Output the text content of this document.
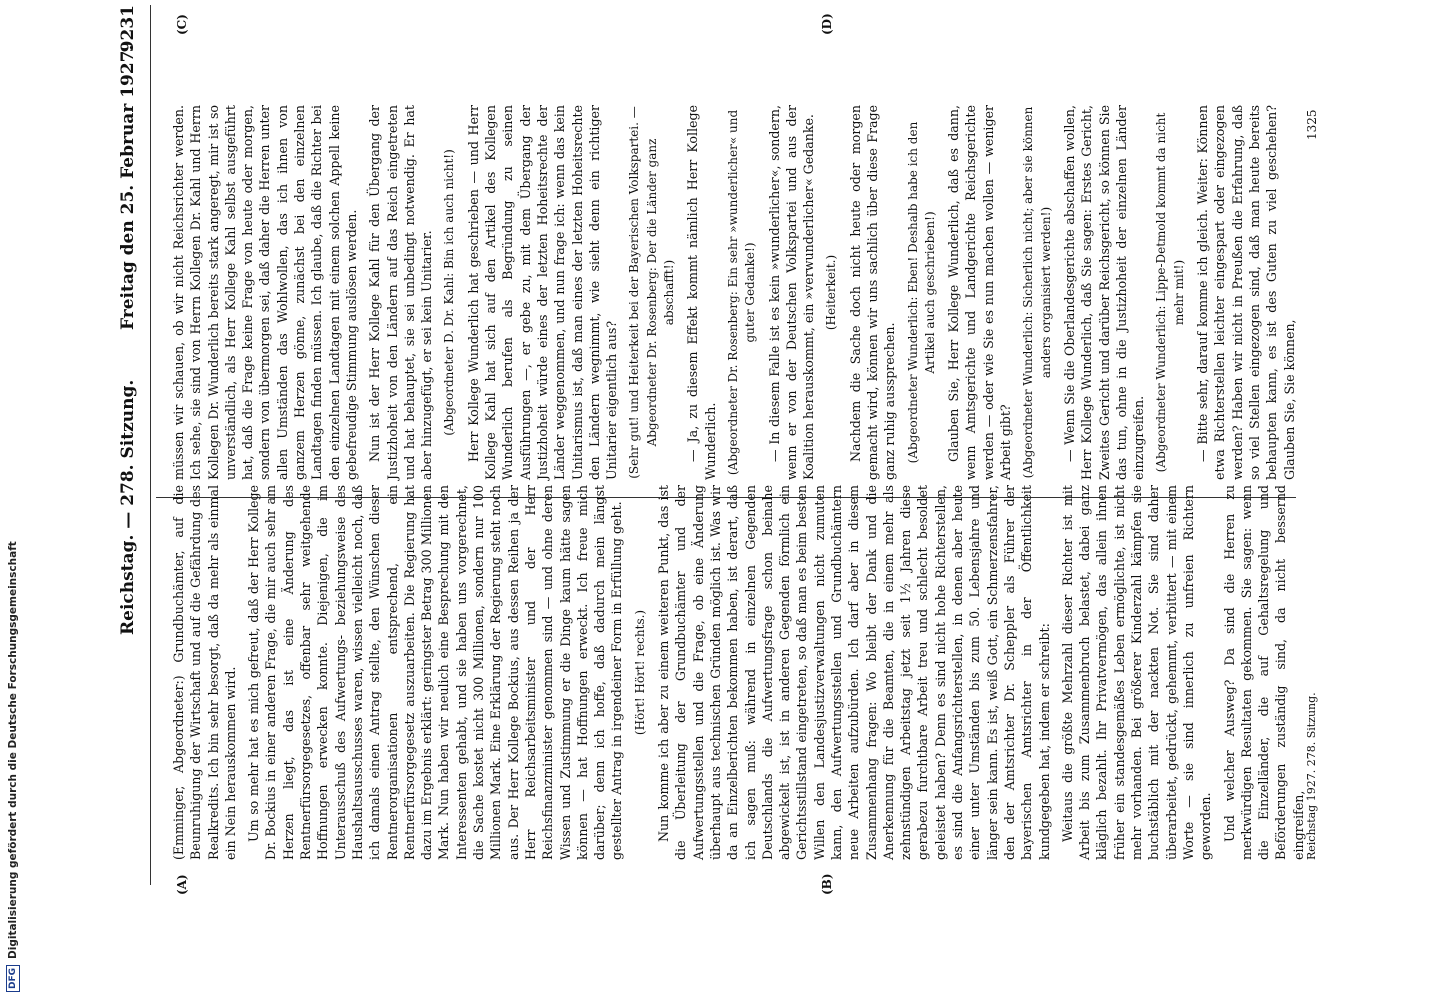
DFG
Digitalisierung gefördert durch die Deutsche Forschungsgemeinschaft
Reichstag. — 278. Sitzung.
Freitag den 25. Februar 1927.
9231
(A)	(B)
(C)	(D)

(Emminger, Abgeordneter:) Grundbuchämter, auf die Beunruhigung der Wirtschaft und auf die Gefährdung des Realkredits. Ich bin sehr besorgt, daß da mehr als einmal ein Nein herauskommen wird. Um so mehr hat es mich gefreut, daß der Herr Kollege Dr. Bockius in einer anderen Frage, die mir auch sehr am Herzen liegt, das ist eine Änderung des Rentnerfürsorgegesetzes, offenbar sehr weitgehende Hoffnungen erwecken konnte. Diejenigen, die im Unterausschuß des Aufwertungs- beziehungsweise des Haushaltsausschusses waren, wissen vielleicht noch, daß ich damals einen Antrag stellte, den Wünschen dieser Rentnerorganisationen entsprechend, ein Rentnerfürsorgegesetz auszuarbeiten. Die Regierung hat dazu im Ergebnis erklärt: geringster Betrag 300 Millionen Mark. Nun haben wir neulich eine Besprechung mit den Interessenten gehabt, und sie haben uns vorgerechnet, die Sache kostet nicht 300 Millionen, sondern nur 100 Millionen Mark. Eine Erklärung der Regierung steht noch aus. Der Herr Kollege Bockius, aus dessen Reihen ja der Herr Reichsarbeitsminister und der Herr Reichsfinanzminister genommen sind — und ohne deren Wissen und Zustimmung er die Dinge kaum hätte sagen können — hat Hoffnungen erweckt. Ich freue mich darüber; denn ich hoffe, daß dadurch mein längst gestellter Antrag in irgendeiner Form in Erfüllung geht. (Hört! Hört! rechts.) Nun komme ich aber zu einem weiteren Punkt, das ist die Überleitung der Grundbuchämter und der Aufwertungsstellen und die Frage, ob eine Änderung überhaupt aus technischen Gründen möglich ist. Was wir da an Einzelberichten bekommen haben, ist derart, daß ich sagen muß: während in einzelnen Gegenden Deutschlands die Aufwertungsfrage schon beinahe abgewickelt ist, ist in anderen Gegenden förmlich ein Gerichtsstillstand eingetreten, so daß man es beim besten Willen den Landesjustizverwaltungen nicht zumuten kann, den Aufwertungsstellen und Grundbuchämtern neue Arbeiten aufzubürden. Ich darf aber in diesem Zusammenhang fragen: Wo bleibt der Dank und die Anerkennung für die Beamten, die in einem mehr als zehnstündigen Arbeitstag jetzt seit 1½ Jahren diese gerabezu furchtbare Arbeit treu und schlecht besoldet geleistet haben? Denn es sind nicht hohe Richterstellen, es sind die Anfangsrichterstellen, in denen aber heute einer unter Umständen bis zum 50. Lebensjahre und länger sein kann. Es ist, weiß Gott, ein Schmerzensfahrer, den der Amtsrichter Dr. Scheppler als Führer der bayerischen Amtsrichter in der Öffentlichkeit kundgegeben hat, indem er schreibt: Weitaus die größte Mehrzahl dieser Richter ist mit Arbeit bis zum Zusammenbruch belastet, dabei ganz kläglich bezahlt. Ihr Privatvermögen, das allein ihnen früher ein standesgemäßes Leben ermöglichte, ist nicht mehr vorhanden. Bei größerer Kinderzahl kämpfen sie buchstäblich mit der nackten Not. Sie sind daher überarbeitet, gedrückt, gehemmt, verbittert — mit einem Worte — sie sind innerlich zu unfreien Richtern geworden. Und welcher Ausweg? Da sind die Herren zu merkwürdigen Resultaten gekommen. Sie sagen: wenn die Einzelländer, die auf Gehaltsregelung und Beförderungen zuständig sind, da nicht bessernd eingreifen,

müssen wir schauen, ob wir nicht Reichsrichter werden. Ich sehe, sie sind von Herrn Kollegen Dr. Kahl und Herrn Kollegen Dr. Wunderlich bereits stark angeregt, mir ist so unverständlich, als Herr Kollege Kahl selbst ausgeführt hat, daß die Frage keine Frage von heute oder morgen, sondern von übermorgen sei, daß daher die Herren unter allen Umständen das Wohlwollen, das ich ihnen von ganzem Herzen gönne, zunächst bei den einzelnen Landtagen finden müssen. Ich glaube, daß die Richter bei den einzelnen Landtagen mit einem solchen Appell keine gebefreudige Stimmung auslösen werden. Nun ist der Herr Kollege Kahl für den Übergang der Justizhoheit von den Ländern auf das Reich eingetreten und hat behauptet, sie sei unbedingt notwendig. Er hat aber hinzugefügt, er sei kein Unitarier. (Abgeordneter D. Dr. Kahl: Bin ich auch nicht!) Herr Kollege Wunderlich hat geschrieben — und Herr Kollege Kahl hat sich auf den Artikel des Kollegen Wunderlich berufen als Begründung zu seinen Ausführungen —, er gebe zu, mit dem Übergang der Justizhoheit würde eines der letzten Hoheitsrechte der Länder weggenommen, und nun frage ich: wenn das kein Unitarismus ist, daß man eines der letzten Hoheitsrechte den Ländern wegnimmt, wie sieht denn ein richtiger Unitarier eigentlich aus? (Sehr gut! und Heiterkeit bei der Bayerischen Volkspartei. — Abgeordneter Dr. Rosenberg: Der die Länder ganz abschafft!) — Ja, zu diesem Effekt kommt nämlich Herr Kollege Wunderlich. (Abgeordneter Dr. Rosenberg: Ein sehr »wunderlicher« und guter Gedanke!) — In diesem Falle ist es kein »wunderlicher«, sondern, wenn er von der Deutschen Volkspartei und aus der Koalition herauskommt, ein »verwunderlicher« Gedanke. (Heiterkeit.) Nachdem die Sache doch nicht heute oder morgen gemacht wird, können wir uns sachlich über diese Frage ganz ruhig aussprechen. (Abgeordneter Wunderlich: Eben! Deshalb habe ich den Artikel auch geschrieben!) Glauben Sie, Herr Kollege Wunderlich, daß es dann, wenn Amtsgerichte und Landgerichte Reichsgerichte werden — oder wie Sie es nun machen wollen — weniger Arbeit gibt? (Abgeordneter Wunderlich: Sicherlich nicht; aber sie können anders organisiert werden!) — Wenn Sie die Oberlandesgerichte abschaffen wollen, Herr Kollege Wunderlich, daß Sie sagen: Erstes Gericht, Zweites Gericht und darüber Reichsgericht, so können Sie das tun, ohne in die Justizhoheit der einzelnen Länder einzugreifen. (Abgeordneter Wunderlich: Lippe-Detmold kommt da nicht mehr mit!) — Bitte sehr, darauf komme ich gleich. Weiter: Können etwa Richterstellen leichter eingespart oder eingezogen werden? Haben wir nicht in Preußen die Erfahrung, daß so viel Stellen eingezogen sind, daß man heute bereits behaupten kann, es ist des Guten zu viel geschehen? Glauben Sie, Sie können,

Reichstag 1927. 278. Sitzung.
1325
